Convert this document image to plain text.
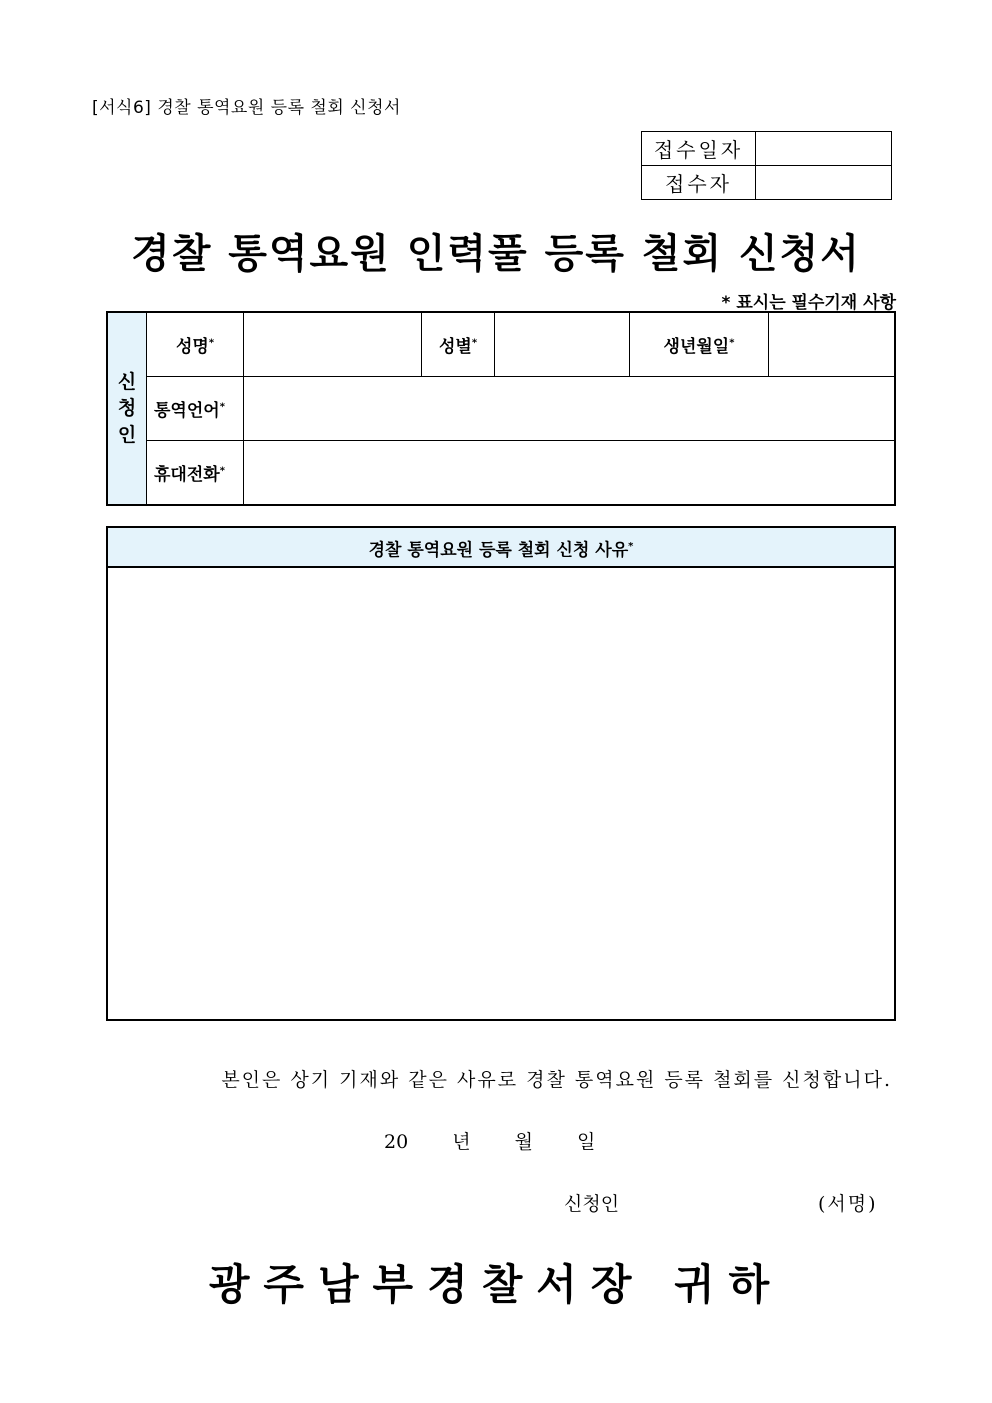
[서식6] 경찰 통역요원 등록 철회 신청서
접수일자	
접수자	
경찰 통역요원 인력풀 등록 철회 신청서
* 표시는 필수기재 사항
신
청
인	성명*		성별*		생년월일*	
	통역언어*	
	휴대전화*	
경찰 통역요원 등록 철회 신청 사유*
본인은 상기 기재와 같은 사유로 경찰 통역요원 등록 철회를 신청합니다.
20 년 월 일
신청인	(서명)
광주남부경찰서장 귀하
